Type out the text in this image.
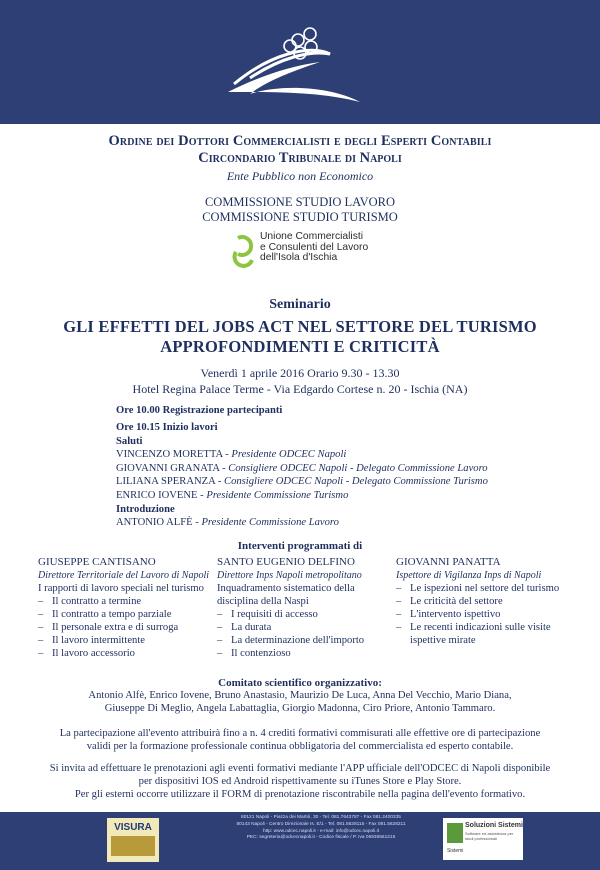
Ordine dei Dottori Commercialisti e degli Esperti Contabili
Circondario Tribunale di Napoli
Ente Pubblico non Economico
COMMISSIONE STUDIO LAVORO
COMMISSIONE STUDIO TURISMO
Unione Commercialisti
e Consulenti del Lavoro
dell'Isola d'Ischia
Seminario
GLI EFFETTI DEL JOBS ACT NEL SETTORE DEL TURISMO
APPROFONDIMENTI E CRITICITÀ
Venerdì 1 aprile 2016 Orario 9.30 - 13.30
Hotel Regina Palace Terme - Via Edgardo Cortese n. 20 - Ischia (NA)
Ore 10.00 Registrazione partecipanti
Ore 10.15 Inizio lavori
Saluti
VINCENZO MORETTA - Presidente ODCEC Napoli
GIOVANNI GRANATA - Consigliere ODCEC Napoli - Delegato Commissione Lavoro
LILIANA SPERANZA - Consigliere ODCEC Napoli - Delegato Commissione Turismo
ENRICO IOVENE - Presidente Commissione Turismo
Introduzione
ANTONIO ALFÈ - Presidente Commissione Lavoro
Interventi programmati di
GIUSEPPE CANTISANO
Direttore Territoriale del Lavoro di Napoli
I rapporti di lavoro speciali nel turismo
– Il contratto a termine
– Il contratto a tempo parziale
– Il personale extra e di surroga
– Il lavoro intermittente
– Il lavoro accessorio
SANTO EUGENIO DELFINO
Direttore Inps Napoli metropolitano
Inquadramento sistematico della
disciplina della Naspi
– I requisiti di accesso
– La durata
– La determinazione dell'importo
– Il contenzioso
GIOVANNI PANATTA
Ispettore di Vigilanza Inps di Napoli
– Le ispezioni nel settore del turismo
– Le criticità del settore
– L'intervento ispettivo
– Le recenti indicazioni sulle visite
ispettive mirate
Comitato scientifico organizzativo:
Antonio Alfè, Enrico Iovene, Bruno Anastasio, Maurizio De Luca, Anna Del Vecchio, Mario Diana,
Giuseppe Di Meglio, Angela Labattaglia, Giorgio Madonna, Ciro Priore, Antonio Tammaro.
La partecipazione all'evento attribuirà fino a n. 4 crediti formativi commisurati alle effettive ore di partecipazione
validi per la formazione professionale continua obbligatoria del commercialista ed esperto contabile.
Si invita ad effettuare le prenotazioni agli eventi formativi mediante l'APP ufficiale dell'ODCEC di Napoli disponibile
per dispositivi IOS ed Android rispettivamente su iTunes Store e Play Store.
Per gli esterni occorre utilizzare il FORM di prenotazione riscontrabile nella pagina dell'evento formativo.
VISURA
80121 Napoli - Piazza dei Martiri, 30 - Tel. 081.7643787 - Fax 081.2400335
80143 Napoli - Centro Direzionale Is. E/1 - Tel. 081.5628115 - Fax 081.5628211
http: www.odcec.napoli.it - e-mail: info@odcec.napoli.it
PEC: segreteria@odcecnapoli.it - Codice fiscale / P. Iva 05936561215
Soluzioni Sistemi
Software ed assistenza per studi professionali
Sistemi
